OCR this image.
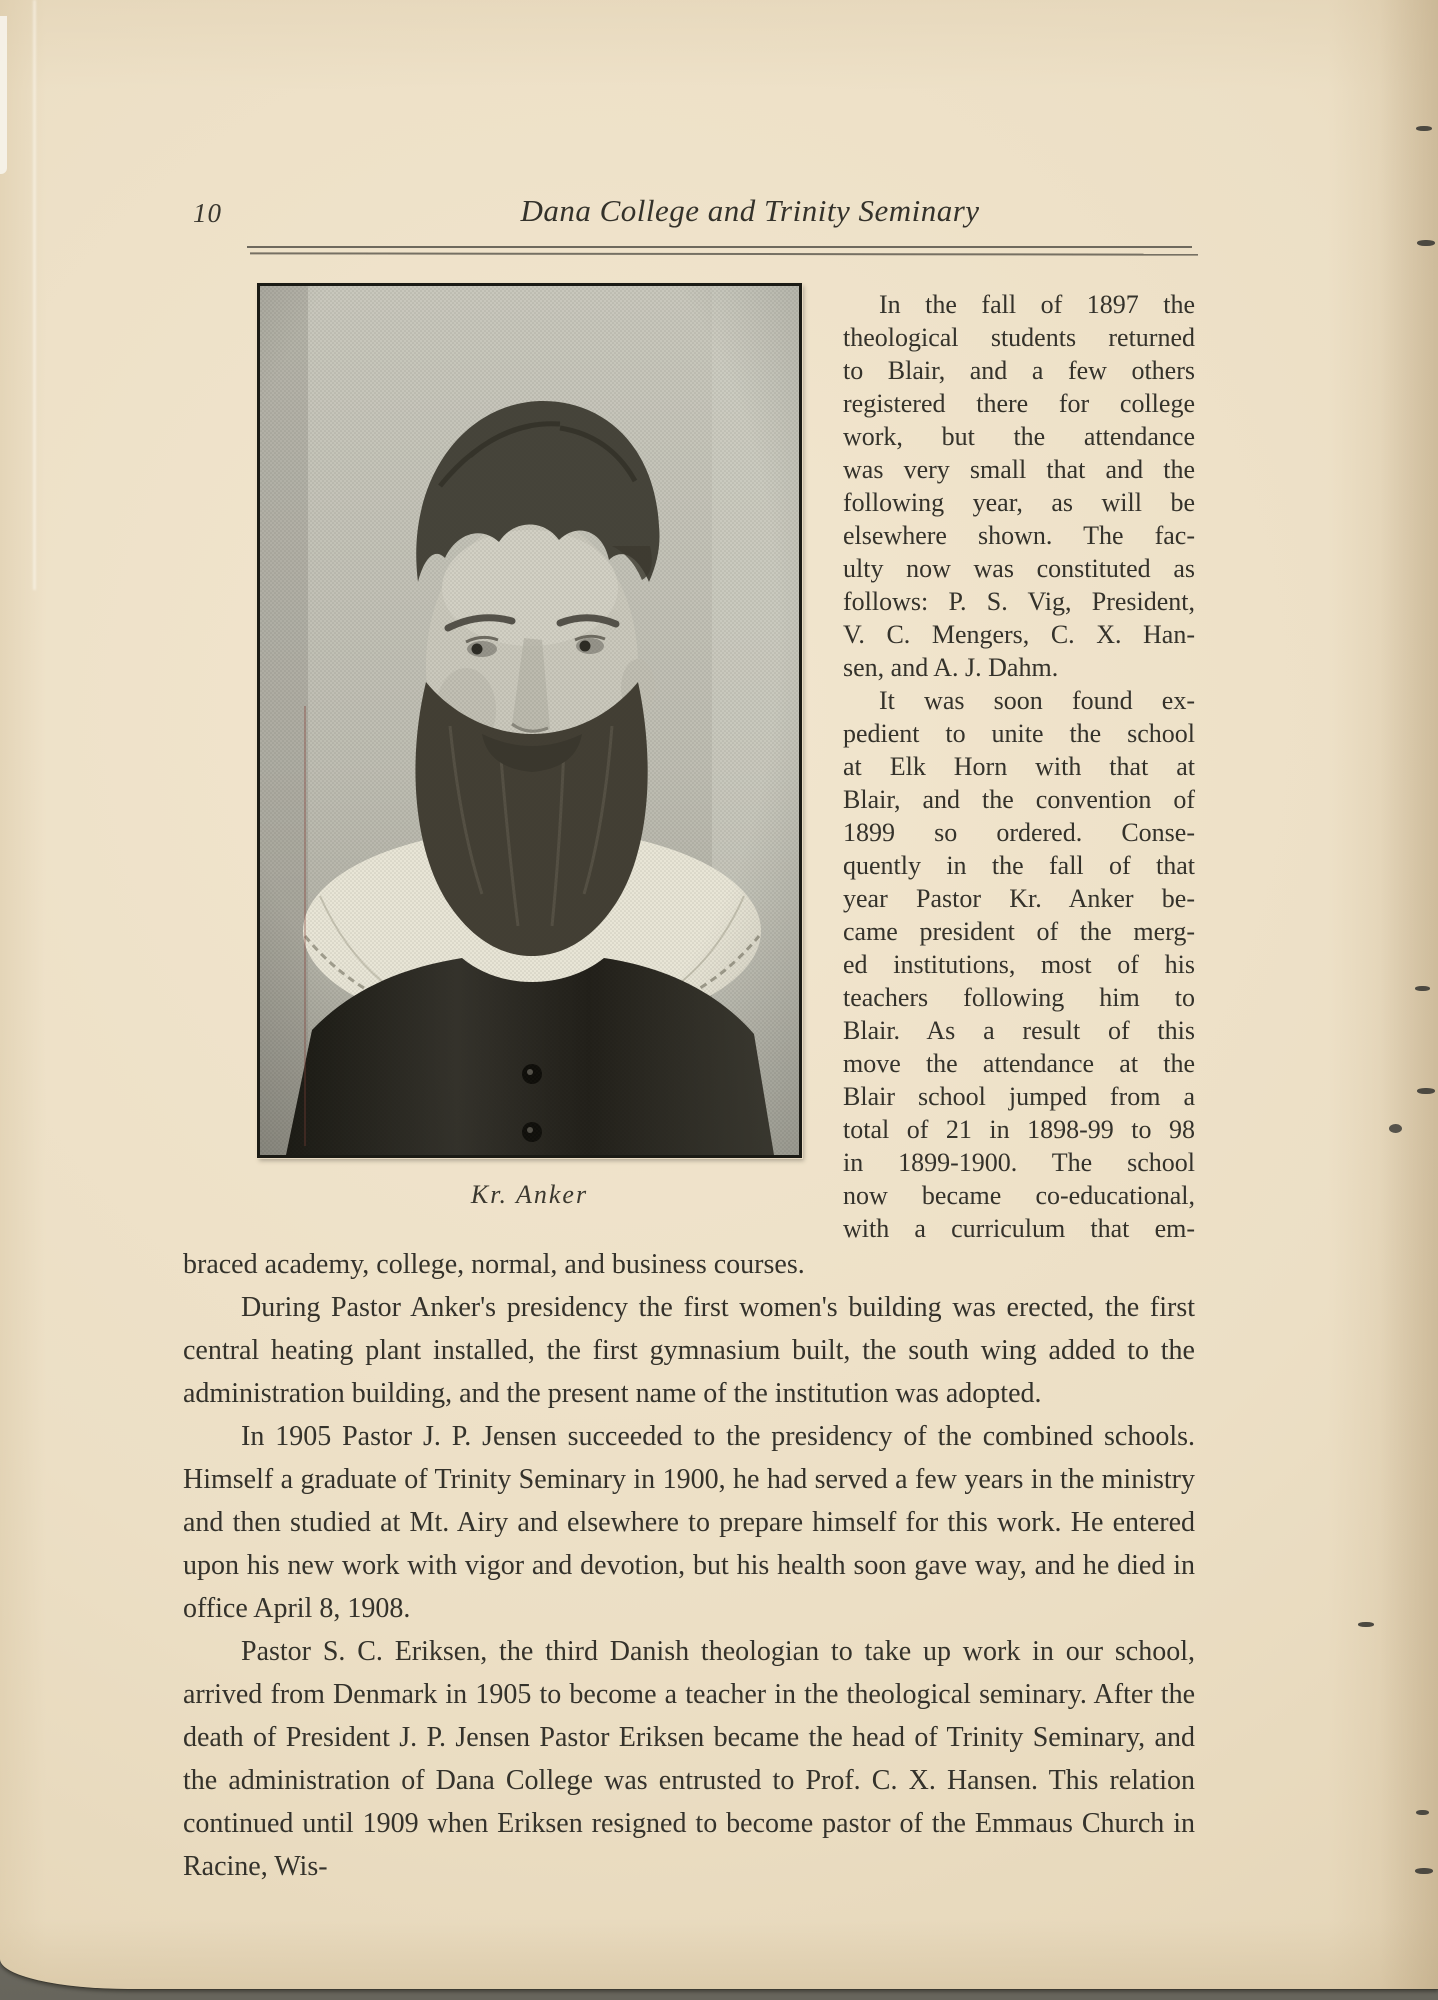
10	Dana College and Trinity Seminary
Kr. Anker
In the fall of 1897 the
theological students returned
to Blair, and a few others
registered there for college
work, but the attendance
was very small that and the
following year, as will be
elsewhere shown. The fac-
ulty now was constituted as
follows: P. S. Vig, President,
V. C. Mengers, C. X. Han-
sen, and A. J. Dahm.
It was soon found ex-
pedient to unite the school
at Elk Horn with that at
Blair, and the convention of
1899 so ordered. Conse-
quently in the fall of that
year Pastor Kr. Anker be-
came president of the merg-
ed institutions, most of his
teachers following him to
Blair. As a result of this
move the attendance at the
Blair school jumped from a
total of 21 in 1898-99 to 98
in 1899-1900. The school
now became co-educational,
with a curriculum that em-

braced academy, college, normal, and business courses.

During Pastor Anker's presidency the first women's building was erected, the first central heating plant installed, the first gymnasium built, the south wing added to the administration building, and the present name of the institution was adopted.

In 1905 Pastor J. P. Jensen succeeded to the presidency of the combined schools. Himself a graduate of Trinity Seminary in 1900, he had served a few years in the ministry and then studied at Mt. Airy and elsewhere to prepare himself for this work. He entered upon his new work with vigor and devotion, but his health soon gave way, and he died in office April 8, 1908.

Pastor S. C. Eriksen, the third Danish theologian to take up work in our school, arrived from Denmark in 1905 to become a teacher in the theological seminary. After the death of President J. P. Jensen Pastor Eriksen became the head of Trinity Seminary, and the administration of Dana College was entrusted to Prof. C. X. Hansen. This relation continued until 1909 when Eriksen resigned to become pastor of the Emmaus Church in Racine, Wis-
